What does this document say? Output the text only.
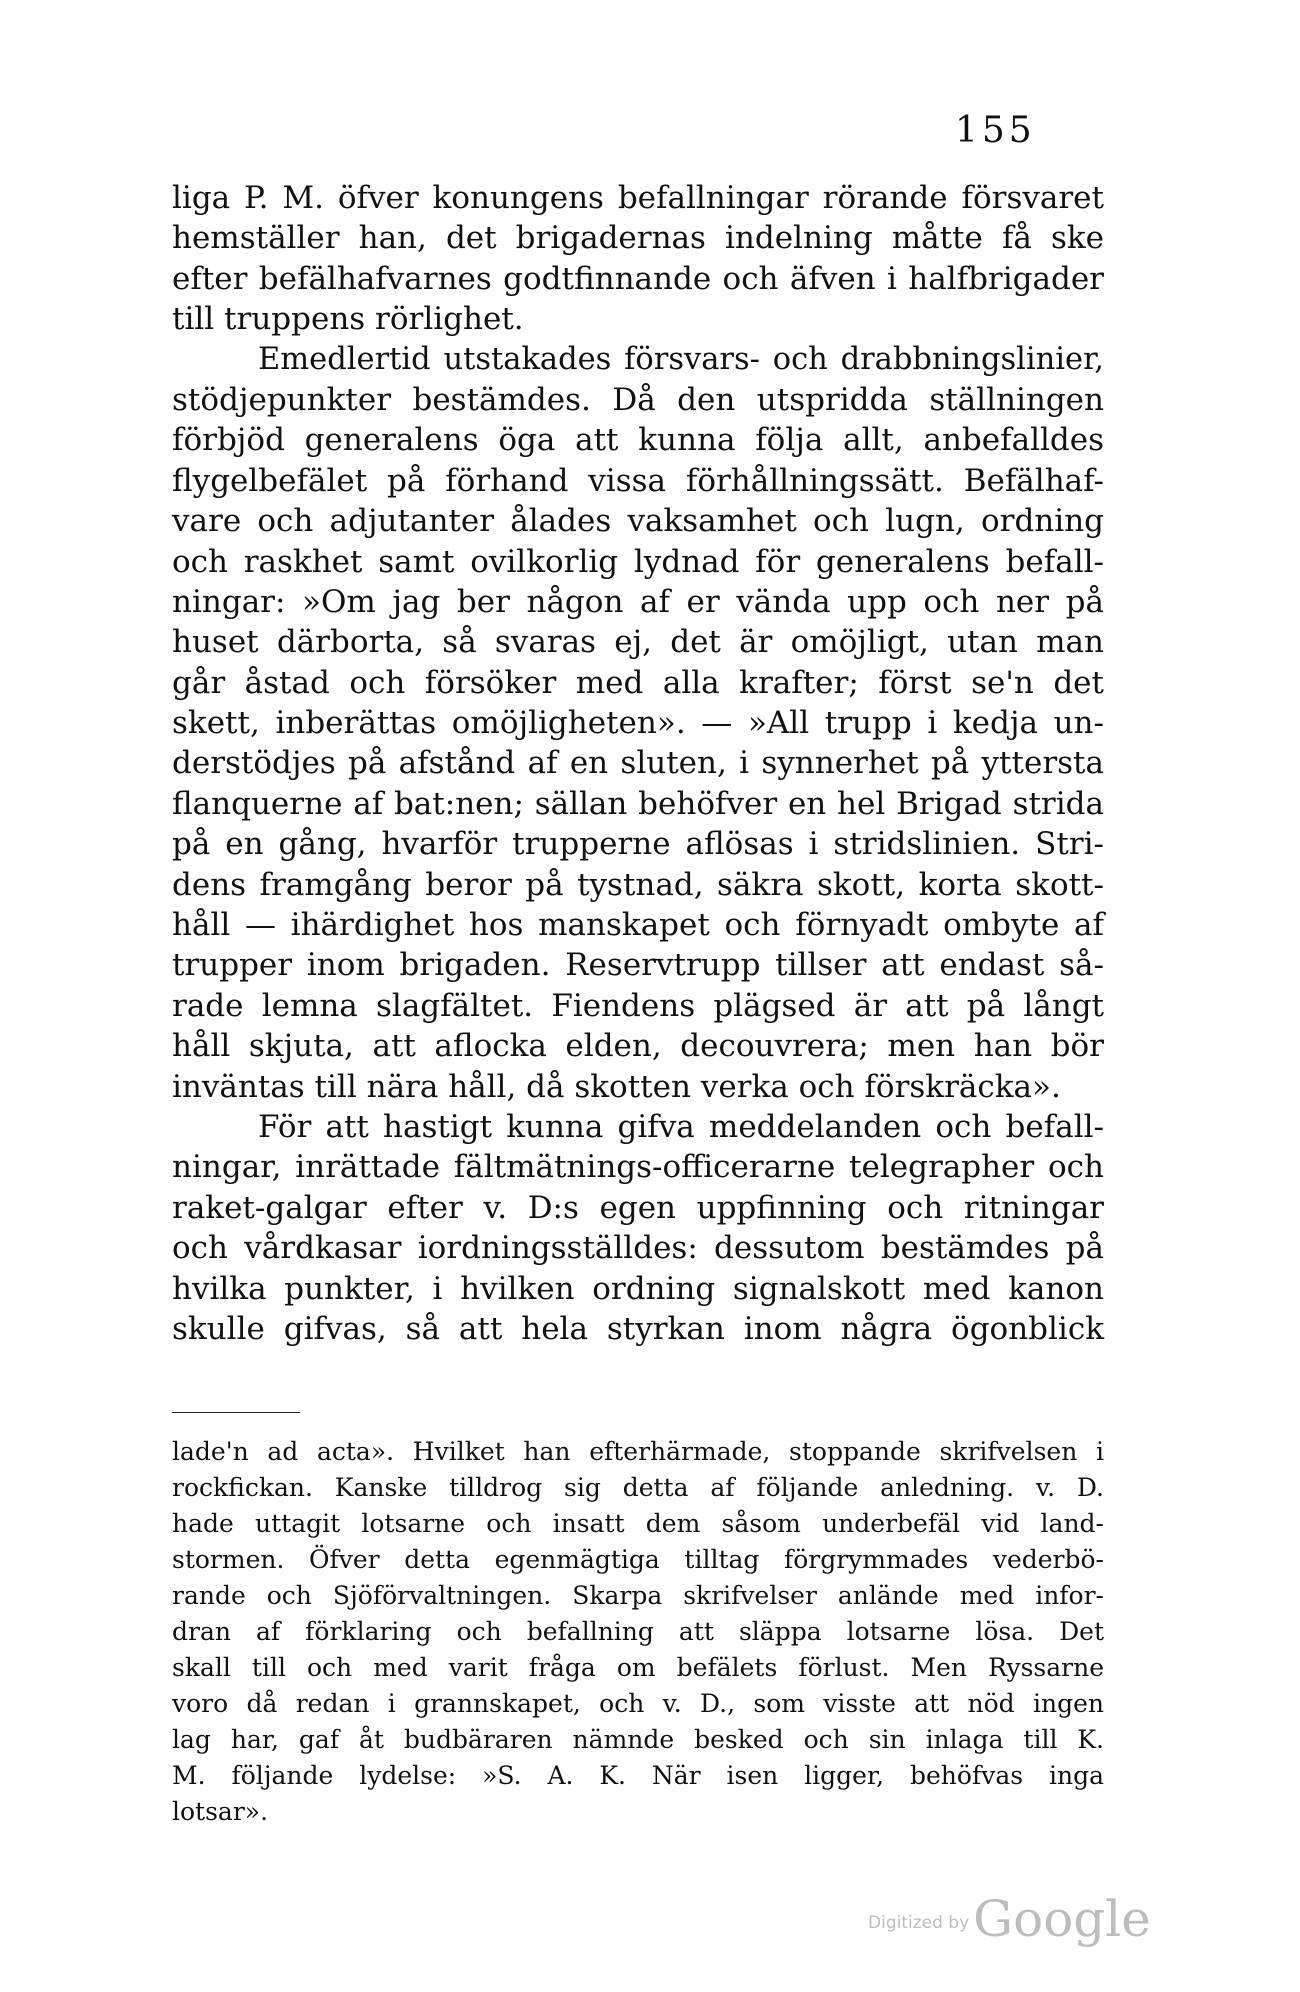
155
liga P. M. öfver konungens befallningar rörande försvaret
hemställer han, det brigadernas indelning måtte få ske
efter befälhafvarnes godtfinnande och äfven i halfbrigader
till truppens rörlighet.
Emedlertid utstakades försvars- och drabbningslinier,
stödjepunkter bestämdes. Då den utspridda ställningen
förbjöd generalens öga att kunna följa allt, anbefalldes
flygelbefälet på förhand vissa förhållningssätt. Befälhaf-
vare och adjutanter ålades vaksamhet och lugn, ordning
och raskhet samt ovilkorlig lydnad för generalens befall-
ningar: »Om jag ber någon af er vända upp och ner på
huset därborta, så svaras ej, det är omöjligt, utan man
går åstad och försöker med alla krafter; först se'n det
skett, inberättas omöjligheten». — »All trupp i kedja un-
derstödjes på afstånd af en sluten, i synnerhet på yttersta
flanquerne af bat:nen; sällan behöfver en hel Brigad strida
på en gång, hvarför trupperne aflösas i stridslinien. Stri-
dens framgång beror på tystnad, säkra skott, korta skott-
håll — ihärdighet hos manskapet och förnyadt ombyte af
trupper inom brigaden. Reservtrupp tillser att endast så-
rade lemna slagfältet. Fiendens plägsed är att på långt
håll skjuta, att aflocka elden, decouvrera; men han bör
inväntas till nära håll, då skotten verka och förskräcka».
För att hastigt kunna gifva meddelanden och befall-
ningar, inrättade fältmätnings-officerarne telegrapher och
raket-galgar efter v. D:s egen uppfinning och ritningar
och vårdkasar iordningsställdes: dessutom bestämdes på
hvilka punkter, i hvilken ordning signalskott med kanon
skulle gifvas, så att hela styrkan inom några ögonblick
lade'n ad acta». Hvilket han efterhärmade, stoppande skrifvelsen i
rockfickan. Kanske tilldrog sig detta af följande anledning. v. D.
hade uttagit lotsarne och insatt dem såsom underbefäl vid land-
stormen. Öfver detta egenmägtiga tilltag förgrymmades vederbö-
rande och Sjöförvaltningen. Skarpa skrifvelser anlände med infor-
dran af förklaring och befallning att släppa lotsarne lösa. Det
skall till och med varit fråga om befälets förlust. Men Ryssarne
voro då redan i grannskapet, och v. D., som visste att nöd ingen
lag har, gaf åt budbäraren nämnde besked och sin inlaga till K.
M. följande lydelse: »S. A. K. När isen ligger, behöfvas inga
lotsar».
Digitized byGoogle
